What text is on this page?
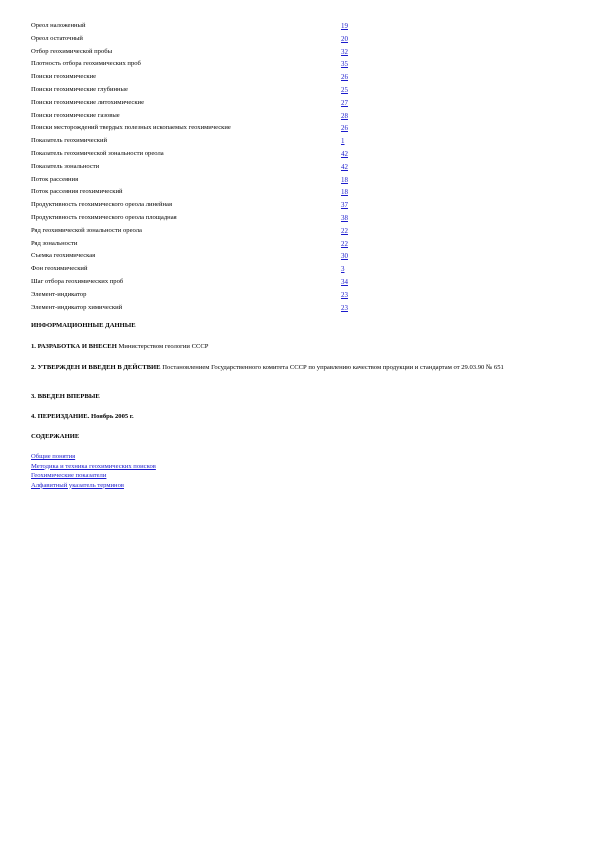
Ореол наложенный	19
Ореол остаточный	20
Отбор геохимической пробы	32
Плотность отбора геохимических проб	35
Поиски геохимические	26
Поиски геохимические глубинные	25
Поиски геохимические литохимические	27
Поиски геохимические газовые	28
Поиски месторождений твердых полезных ископаемых геохимические	26
Показатель геохимический	1
Показатель геохимической зональности ореола	42
Показатель зональности	42
Поток рассеяния	18
Поток рассеяния геохимический	18
Продуктивность геохимического ореола линейная	37
Продуктивность геохимического ореола площадная	38
Ряд геохимической зональности ореола	22
Ряд зональности	22
Съемка геохимическая	30
Фон геохимический	3
Шаг отбора геохимических проб	34
Элемент-индикатор	23
Элемент-индикатор химический	23
ИНФОРМАЦИОННЫЕ ДАННЫЕ
1. РАЗРАБОТКА И ВНЕСЕН Министерством геологии СССР
2. УТВЕРЖДЕН И ВВЕДЕН В ДЕЙСТВИЕ Постановлением Государственного комитета СССР по управлению качеством продукции и стандартам от 29.03.90 № 651
3. ВВЕДЕН ВПЕРВЫЕ
4. ПЕРЕИЗДАНИЕ. Ноябрь 2005 г.
СОДЕРЖАНИЕ
Общие понятия
Методика и техника геохимических поисков
Геохимические показатели
Алфавитный указатель терминов
